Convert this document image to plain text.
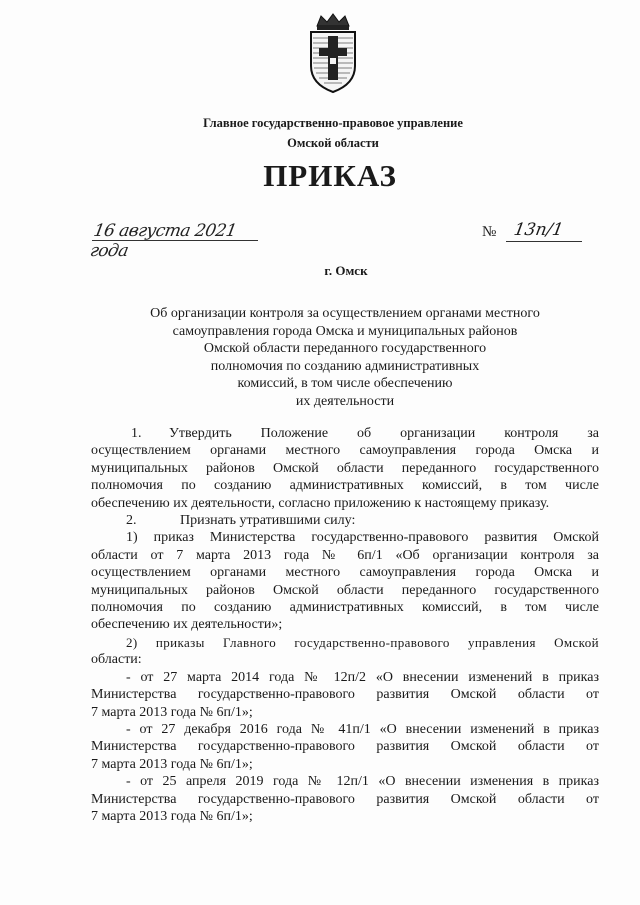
Главное государственно-правовое управление
Омской области
ПРИКАЗ
16 августа 2021 года
№ 13п/1
г. Омск
Об организации контроля за осуществлением органами местного
самоуправления города Омска и муниципальных районов
Омской области переданного государственного
полномочия по созданию административных
комиссий, в том числе обеспечению
их деятельности

1. Утвердить Положение об организации контроля за

осуществлением органами местного самоуправления города Омска и

муниципальных районов Омской области переданного государственного

полномочия по созданию административных комиссий, в том числе

обеспечению их деятельности, согласно приложению к настоящему приказу.

2.	Признать утратившими силу:

1) приказ Министерства государственно-правового развития Омской

области от 7 марта 2013 года № 6п/1 «Об организации контроля за

осуществлением органами местного самоуправления города Омска и

муниципальных районов Омской области переданного государственного

полномочия по созданию административных комиссий, в том числе

обеспечению их деятельности»;

2) приказы Главного государственно-правового управления Омской

области:

- от 27 марта 2014 года № 12п/2 «О внесении изменений в приказ

Министерства государственно-правового развития Омской области от

7 марта 2013 года № 6п/1»;

- от 27 декабря 2016 года № 41п/1 «О внесении изменений в приказ

Министерства государственно-правового развития Омской области от

7 марта 2013 года № 6п/1»;

- от 25 апреля 2019 года № 12п/1 «О внесении изменения в приказ

Министерства государственно-правового развития Омской области от

7 марта 2013 года № 6п/1»;
